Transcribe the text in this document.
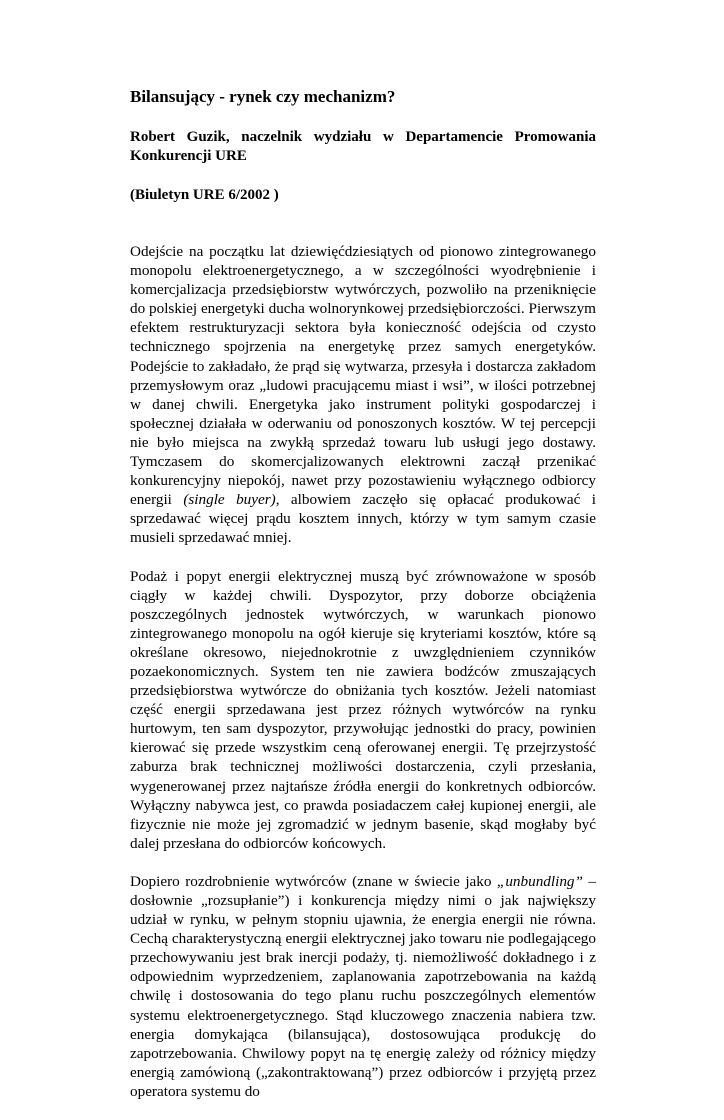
Bilansujący - rynek czy mechanizm?

Robert Guzik, naczelnik wydziału w Departamencie Promowania Konkurencji URE

(Biuletyn URE 6/2002 )

Odejście na początku lat dziewięćdziesiątych od pionowo zintegrowanego monopolu elektroenergetycznego, a w szczególności wyodrębnienie i komercjalizacja przedsiębiorstw wytwórczych, pozwoliło na przeniknięcie do polskiej energetyki ducha wolnorynkowej przedsiębiorczości. Pierwszym efektem restrukturyzacji sektora była konieczność odejścia od czysto technicznego spojrzenia na energetykę przez samych energetyków. Podejście to zakładało, że prąd się wytwarza, przesyła i dostarcza zakładom przemysłowym oraz „ludowi pracującemu miast i wsi”, w ilości potrzebnej w danej chwili. Energetyka jako instrument polityki gospodarczej i społecznej działała w oderwaniu od ponoszonych kosztów. W tej percepcji nie było miejsca na zwykłą sprzedaż towaru lub usługi jego dostawy. Tymczasem do skomercjalizowanych elektrowni zaczął przenikać konkurencyjny niepokój, nawet przy pozostawieniu wyłącznego odbiorcy energii (single buyer), albowiem zaczęło się opłacać produkować i sprzedawać więcej prądu kosztem innych, którzy w tym samym czasie musieli sprzedawać mniej.

Podaż i popyt energii elektrycznej muszą być zrównoważone w sposób ciągły w każdej chwili. Dyspozytor, przy doborze obciążenia poszczególnych jednostek wytwórczych, w warunkach pionowo zintegrowanego monopolu na ogół kieruje się kryteriami kosztów, które są określane okresowo, niejednokrotnie z uwzględnieniem czynników pozaekonomicznych. System ten nie zawiera bodźców zmuszających przedsiębiorstwa wytwórcze do obniżania tych kosztów. Jeżeli natomiast część energii sprzedawana jest przez różnych wytwórców na rynku hurtowym, ten sam dyspozytor, przywołując jednostki do pracy, powinien kierować się przede wszystkim ceną oferowanej energii. Tę przejrzystość zaburza brak technicznej możliwości dostarczenia, czyli przesłania, wygenerowanej przez najtańsze źródła energii do konkretnych odbiorców. Wyłączny nabywca jest, co prawda posiadaczem całej kupionej energii, ale fizycznie nie może jej zgromadzić w jednym basenie, skąd mogłaby być dalej przesłana do odbiorców końcowych.

Dopiero rozdrobnienie wytwórców (znane w świecie jako „unbundling” – dosłownie „rozsupłanie”) i konkurencja między nimi o jak największy udział w rynku, w pełnym stopniu ujawnia, że energia energii nie równa. Cechą charakterystyczną energii elektrycznej jako towaru nie podlegającego przechowywaniu jest brak inercji podaży, tj. niemożliwość dokładnego i z odpowiednim wyprzedzeniem, zaplanowania zapotrzebowania na każdą chwilę i dostosowania do tego planu ruchu poszczególnych elementów systemu elektroenergetycznego. Stąd kluczowego znaczenia nabiera tzw. energia domykająca (bilansująca), dostosowująca produkcję do zapotrzebowania. Chwilowy popyt na tę energię zależy od różnicy między energią zamówioną („zakontraktowaną”) przez odbiorców i przyjętą przez operatora systemu do
